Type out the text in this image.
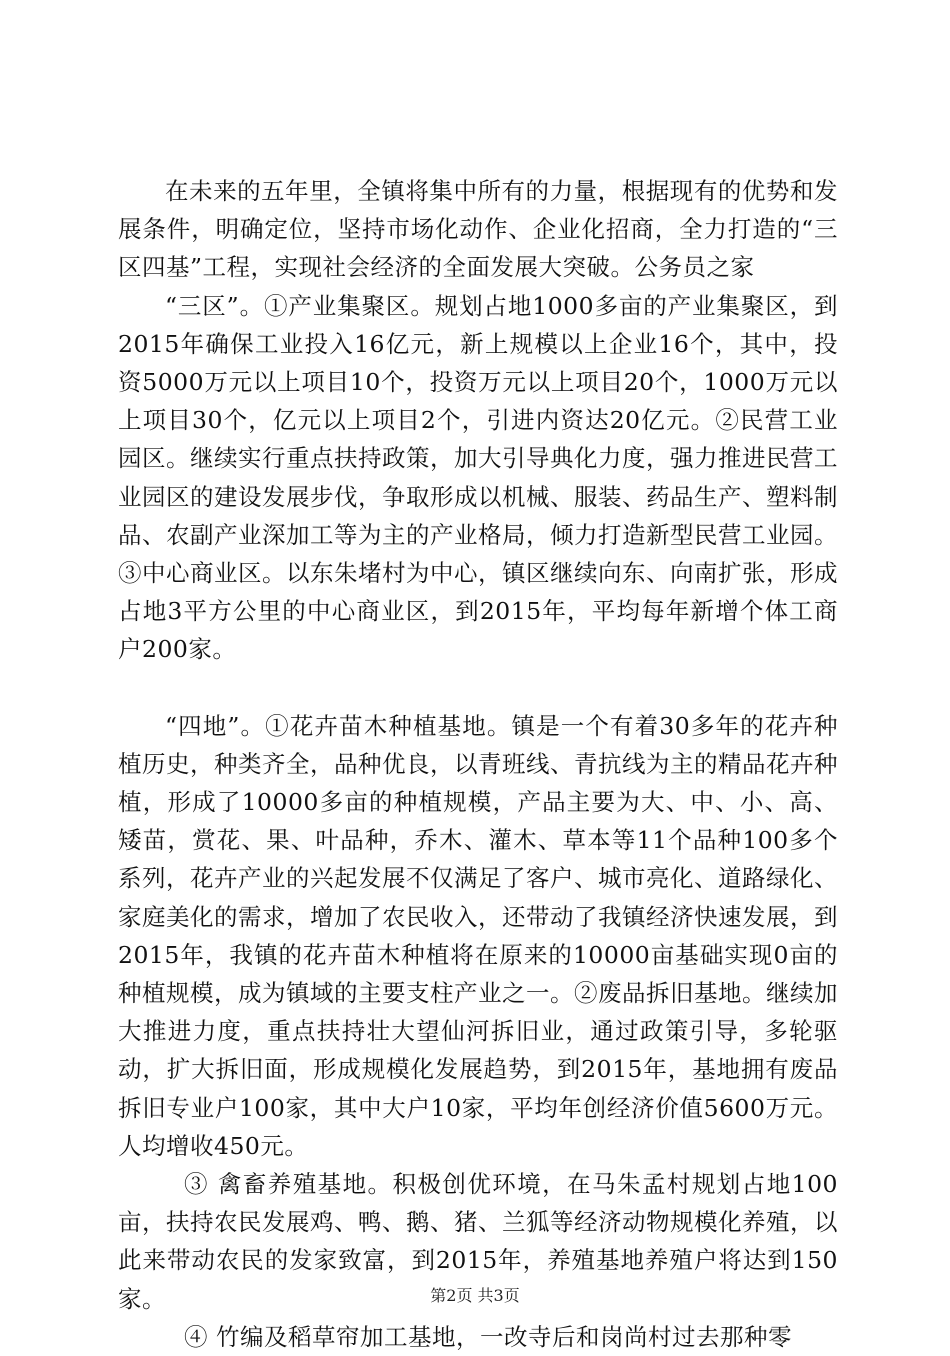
在未来的五年里，全镇将集中所有的力量，根据现有的优势和发展条件，明确定位，坚持市场化动作、企业化招商，全力打造的“三区四基”工程，实现社会经济的全面发展大突破。公务员之家

“三区”。①产业集聚区。规划占地1000多亩的产业集聚区，到2015年确保工业投入16亿元，新上规模以上企业16个，其中，投资5000万元以上项目10个，投资万元以上项目20个，1000万元以上项目30个，亿元以上项目2个，引进内资达20亿元。②民营工业园区。继续实行重点扶持政策，加大引导典化力度，强力推进民营工业园区的建设发展步伐，争取形成以机械、服装、药品生产、塑料制品、农副产业深加工等为主的产业格局，倾力打造新型民营工业园。③中心商业区。以东朱堵村为中心，镇区继续向东、向南扩张，形成占地3平方公里的中心商业区，到2015年，平均每年新增个体工商户200家。

“四地”。①花卉苗木种植基地。镇是一个有着30多年的花卉种植历史，种类齐全，品种优良，以青班线、青抗线为主的精品花卉种植，形成了10000多亩的种植规模，产品主要为大、中、小、高、矮苗，赏花、果、叶品种，乔木、灌木、草本等11个品种100多个系列，花卉产业的兴起发展不仅满足了客户、城市亮化、道路绿化、家庭美化的需求，增加了农民收入，还带动了我镇经济快速发展，到2015年，我镇的花卉苗木种植将在原来的10000亩基础实现0亩的种植规模，成为镇域的主要支柱产业之一。②废品拆旧基地。继续加大推进力度，重点扶持壮大望仙河拆旧业，通过政策引导，多轮驱动，扩大拆旧面，形成规模化发展趋势，到2015年，基地拥有废品拆旧专业户100家，其中大户10家，平均年创经济价值5600万元。人均增收450元。

③ 禽畜养殖基地。积极创优环境，在马朱孟村规划占地100亩，扶持农民发展鸡、鸭、鹅、猪、兰狐等经济动物规模化养殖，以此来带动农民的发家致富，到2015年，养殖基地养殖户将达到150家。

④ 竹编及稻草帘加工基地，一改寺后和岗尚村过去那种零

第2页 共3页
